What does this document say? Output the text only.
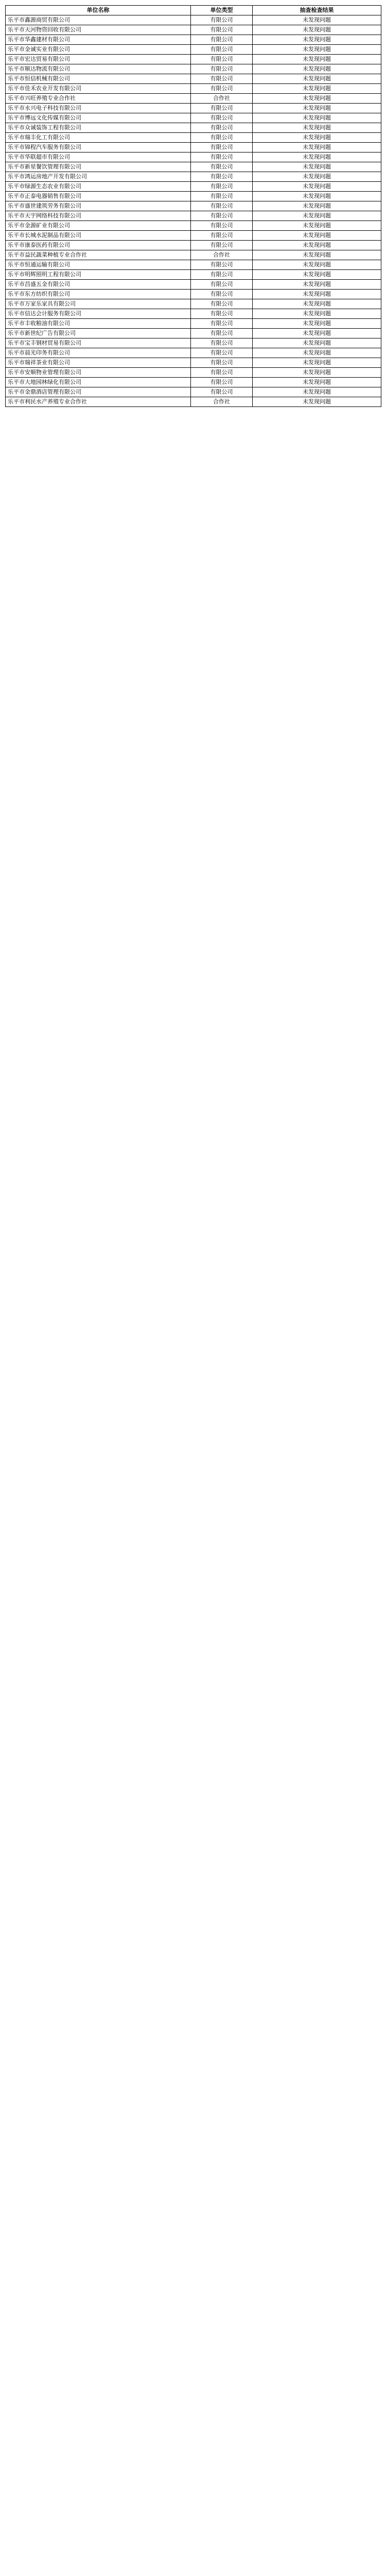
单位名称	单位类型	抽查检查结果
乐平市鑫源商贸有限公司	有限公司	未发现问题
乐平市天河物资回收有限公司	有限公司	未发现问题
乐平市华鑫建材有限公司	有限公司	未发现问题
乐平市金诚实业有限公司	有限公司	未发现问题
乐平市宏达贸易有限公司	有限公司	未发现问题
乐平市顺达物流有限公司	有限公司	未发现问题
乐平市恒信机械有限公司	有限公司	未发现问题
乐平市佳禾农业开发有限公司	有限公司	未发现问题
乐平市兴旺养殖专业合作社	合作社	未发现问题
乐平市永兴电子科技有限公司	有限公司	未发现问题
乐平市博远文化传媒有限公司	有限公司	未发现问题
乐平市众诚装饰工程有限公司	有限公司	未发现问题
乐平市瑞丰化工有限公司	有限公司	未发现问题
乐平市锦程汽车服务有限公司	有限公司	未发现问题
乐平市华联超市有限公司	有限公司	未发现问题
乐平市新星餐饮管理有限公司	有限公司	未发现问题
乐平市鸿运房地产开发有限公司	有限公司	未发现问题
乐平市绿源生态农业有限公司	有限公司	未发现问题
乐平市正泰电器销售有限公司	有限公司	未发现问题
乐平市盛世建筑劳务有限公司	有限公司	未发现问题
乐平市天宇网络科技有限公司	有限公司	未发现问题
乐平市金源矿业有限公司	有限公司	未发现问题
乐平市长城水泥制品有限公司	有限公司	未发现问题
乐平市康泰医药有限公司	有限公司	未发现问题
乐平市益民蔬菜种植专业合作社	合作社	未发现问题
乐平市恒通运输有限公司	有限公司	未发现问题
乐平市明辉照明工程有限公司	有限公司	未发现问题
乐平市昌盛五金有限公司	有限公司	未发现问题
乐平市东方纺织有限公司	有限公司	未发现问题
乐平市万家乐家具有限公司	有限公司	未发现问题
乐平市信达会计服务有限公司	有限公司	未发现问题
乐平市丰收粮油有限公司	有限公司	未发现问题
乐平市新世纪广告有限公司	有限公司	未发现问题
乐平市宝丰钢材贸易有限公司	有限公司	未发现问题
乐平市晨光印务有限公司	有限公司	未发现问题
乐平市瑞祥茶业有限公司	有限公司	未发现问题
乐平市安顺物业管理有限公司	有限公司	未发现问题
乐平市大地园林绿化有限公司	有限公司	未发现问题
乐平市金鼎酒店管理有限公司	有限公司	未发现问题
乐平市利民水产养殖专业合作社	合作社	未发现问题
